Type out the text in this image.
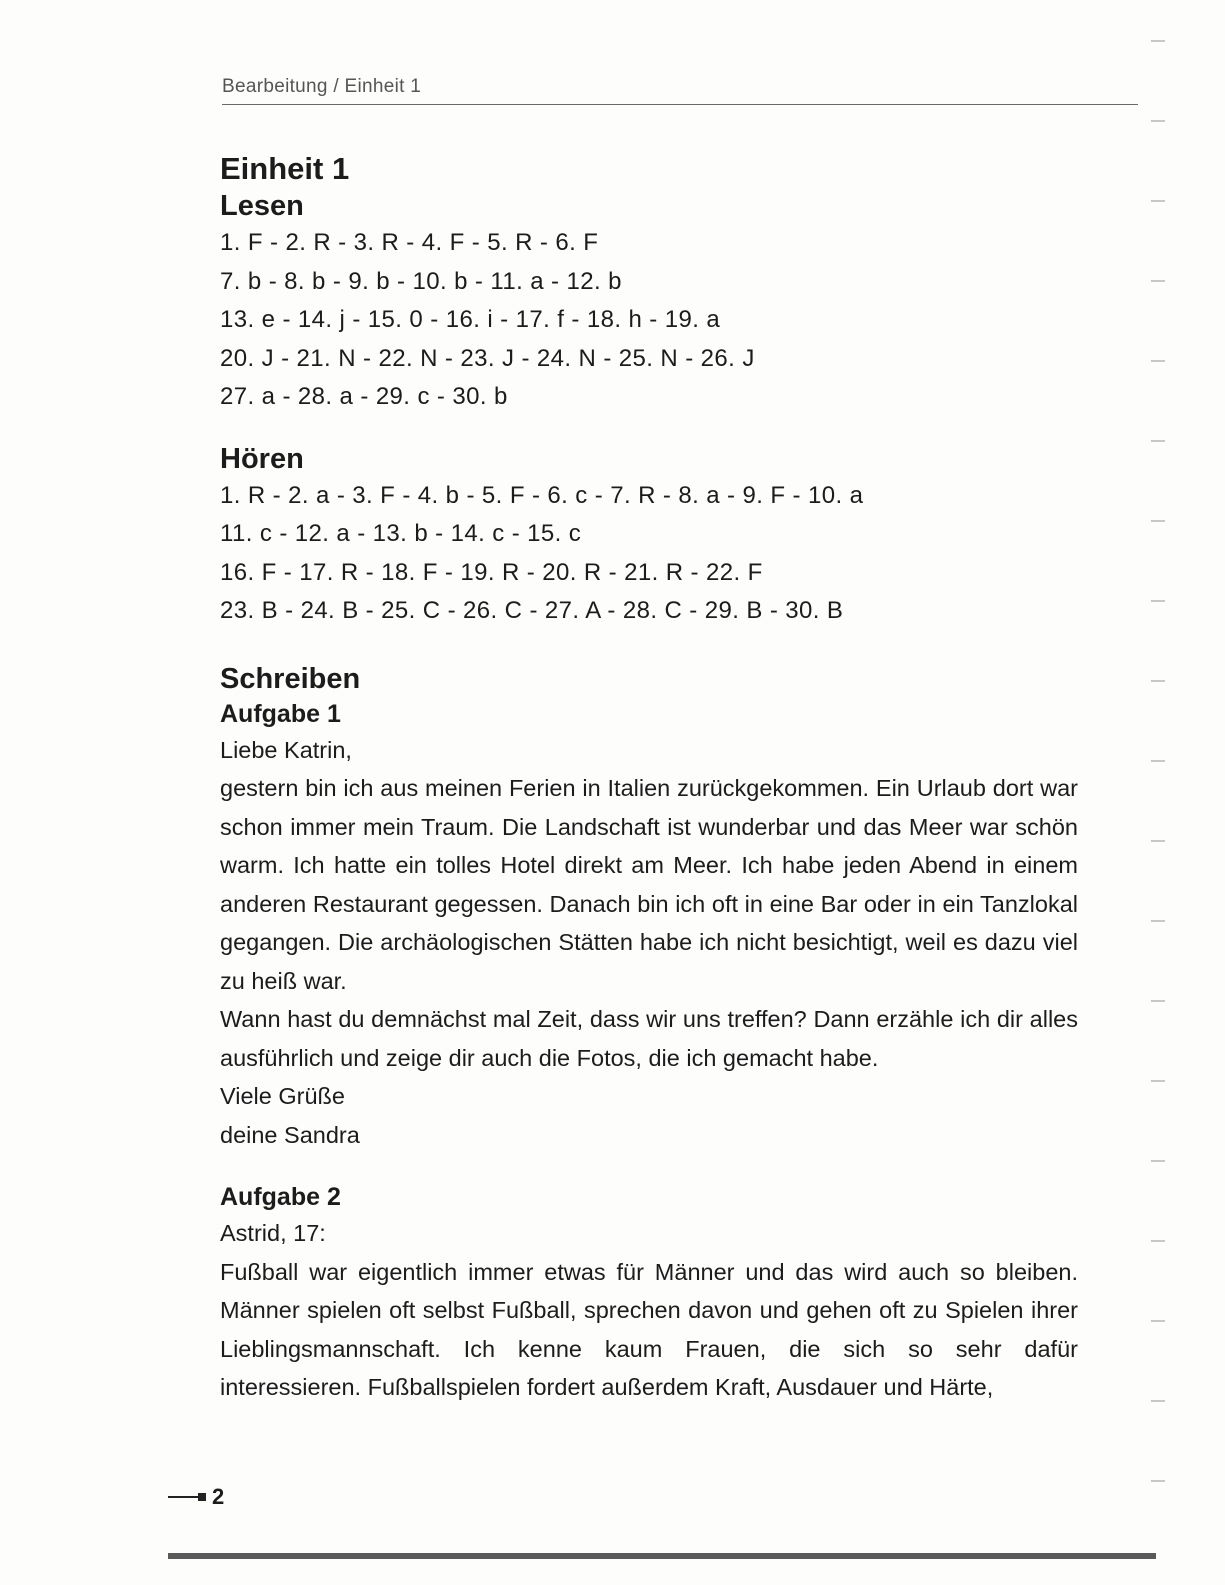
Bearbeitung / Einheit 1
Einheit 1
Lesen
1. F - 2. R - 3. R - 4. F - 5. R - 6. F
7. b - 8. b - 9. b - 10. b - 11. a - 12. b
13. e - 14. j - 15. 0 - 16. i - 17. f - 18. h - 19. a
20. J - 21. N - 22. N - 23. J - 24. N - 25. N - 26. J
27. a - 28. a - 29. c - 30. b
Hören
1. R - 2. a - 3. F - 4. b - 5. F - 6. c - 7. R - 8. a - 9. F - 10. a
11. c - 12. a - 13. b - 14. c - 15. c
16. F - 17. R - 18. F - 19. R - 20. R - 21. R - 22. F
23. B - 24. B - 25. C - 26. C - 27. A - 28. C - 29. B - 30. B
Schreiben
Aufgabe 1
Liebe Katrin,
gestern bin ich aus meinen Ferien in Italien zurückgekommen. Ein Urlaub dort war schon immer mein Traum. Die Landschaft ist wunderbar und das Meer war schön warm. Ich hatte ein tolles Hotel direkt am Meer. Ich habe jeden Abend in einem anderen Restaurant gegessen. Danach bin ich oft in eine Bar oder in ein Tanzlokal gegangen. Die archäologischen Stätten habe ich nicht besichtigt, weil es dazu viel zu heiß war.
Wann hast du demnächst mal Zeit, dass wir uns treffen? Dann erzähle ich dir alles ausführlich und zeige dir auch die Fotos, die ich gemacht habe.
Viele Grüße
deine Sandra
Aufgabe 2
Astrid, 17:
Fußball war eigentlich immer etwas für Männer und das wird auch so bleiben. Männer spielen oft selbst Fußball, sprechen davon und gehen oft zu Spielen ihrer Lieblingsmannschaft. Ich kenne kaum Frauen, die sich so sehr dafür interessieren. Fußballspielen fordert außerdem Kraft, Ausdauer und Härte,
2
